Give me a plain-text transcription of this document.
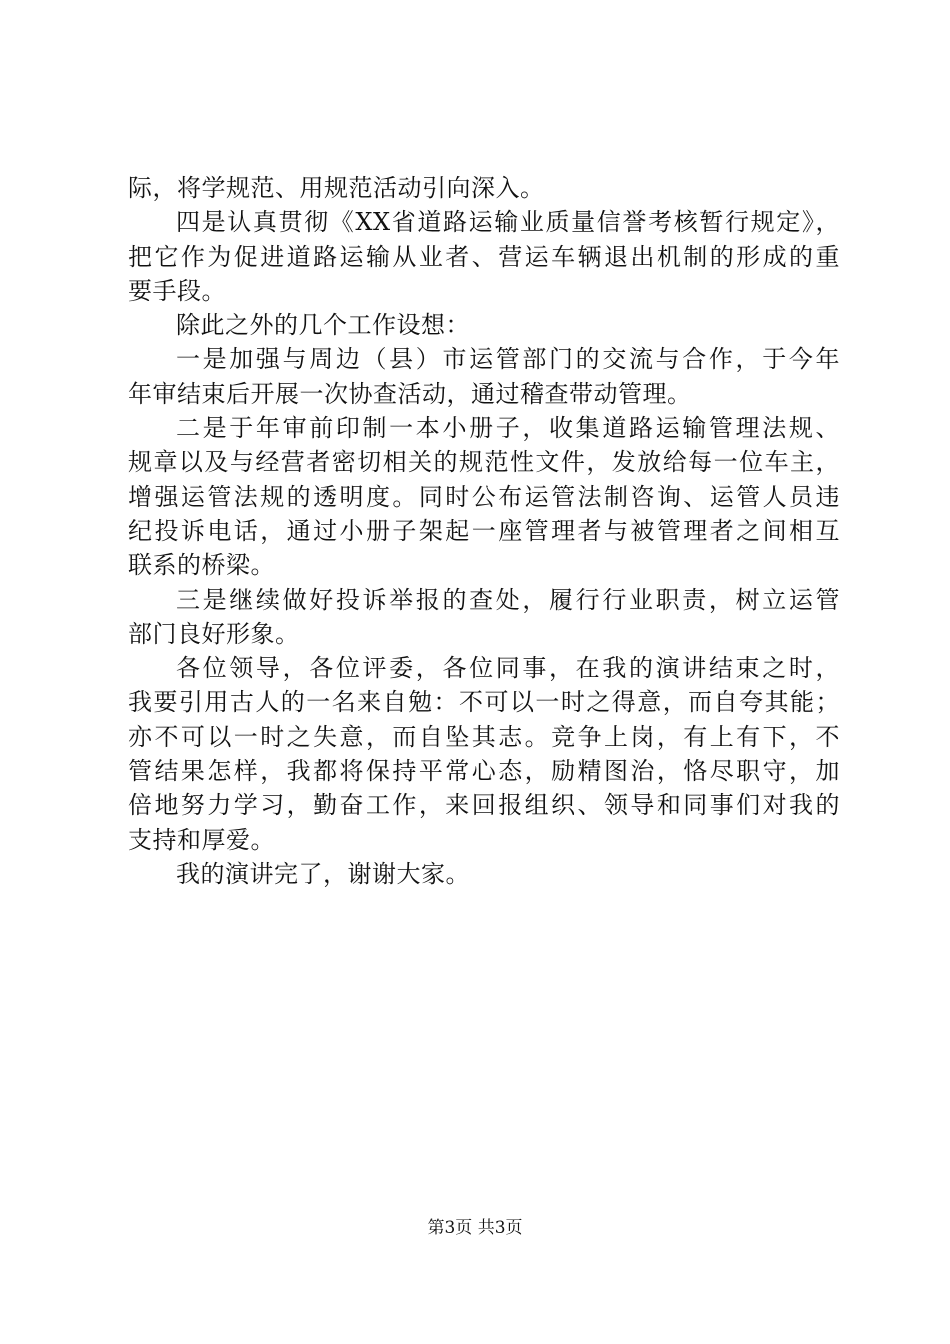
际，将学规范、用规范活动引向深入。
四是认真贯彻《XX省道路运输业质量信誉考核暂行规定》，
把它作为促进道路运输从业者、营运车辆退出机制的形成的重
要手段。
除此之外的几个工作设想：
一是加强与周边（县）市运管部门的交流与合作，于今年
年审结束后开展一次协查活动，通过稽查带动管理。
二是于年审前印制一本小册子，收集道路运输管理法规、
规章以及与经营者密切相关的规范性文件，发放给每一位车主，
增强运管法规的透明度。同时公布运管法制咨询、运管人员违
纪投诉电话，通过小册子架起一座管理者与被管理者之间相互
联系的桥梁。
三是继续做好投诉举报的查处，履行行业职责，树立运管
部门良好形象。
各位领导，各位评委，各位同事，在我的演讲结束之时，
我要引用古人的一名来自勉：不可以一时之得意，而自夸其能；
亦不可以一时之失意，而自坠其志。竞争上岗，有上有下，不
管结果怎样，我都将保持平常心态，励精图治，恪尽职守，加
倍地努力学习，勤奋工作，来回报组织、领导和同事们对我的
支持和厚爱。
我的演讲完了，谢谢大家。
第3页 共3页
